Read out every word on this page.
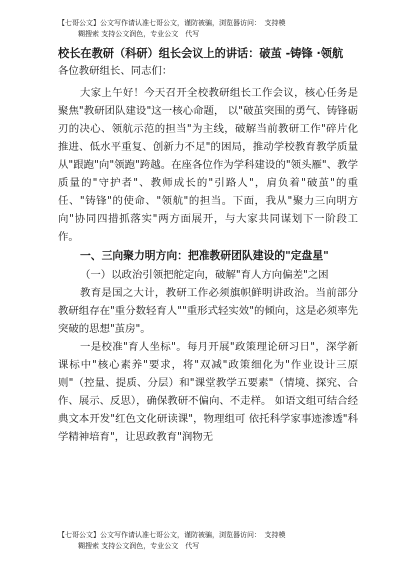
【七哥公文】公文写作请认准七哥公文，谨防被骗，浏览器访问：　支持模
糊搜索 支持公文润色，专业公文　代写
校长在教研（科研）组长会议上的讲话：破茧 -铸锋 ·领航
各位教研组长、同志们：

大家上午好！今天召开全校教研组长工作会议，核心任务是聚焦"教研团队建设"这一核心命题， 以"破茧突围的勇气、铸锋砺刃的决心、领航示范的担当"为主线，破解当前教研工作"碎片化推进、低水平重复、创新力不足"的困局，推动学校教育教学质量从"跟跑"向"领跑"跨越。在座各位作为学科建设的"领头雁"、教学质量的"守护者"、教师成长的"引路人"，肩负着"破茧"的重任、"铸锋"的使命、"领航"的担当。下面，我从"聚力三向明方向"协同四措抓落实"两方面展开，与大家共同谋划下一阶段工作。

一、三向聚力明方向：把准教研团队建设的"定盘星"
（一）以政治引领把舵定向，破解"育人方向偏差"之困

教育是国之大计，教研工作必须旗帜鲜明讲政治。当前部分教研组存在"重分数轻育人""重形式轻实效"的倾向，这是必须率先突破的思想"茧房"。

一是校准"育人坐标"。每月开展"政策理论研习日"，深学新课标中"核心素养"要求，将"双减"政策细化为"作业设计三原则"（控量、提质、分层）和"课堂教学五要素"（情境、探究、合作、展示、反思），确保教研不偏向、不走样。 如语文组可结合经典文本开发"红色文化研读课"，物理组可 依托科学家事迹渗透"科学精神培育"，让思政教育"润物无

【七哥公文】公文写作请认准七哥公文，谨防被骗，浏览器访问：　支持模
糊搜索 支持公文润色，专业公文　代写
